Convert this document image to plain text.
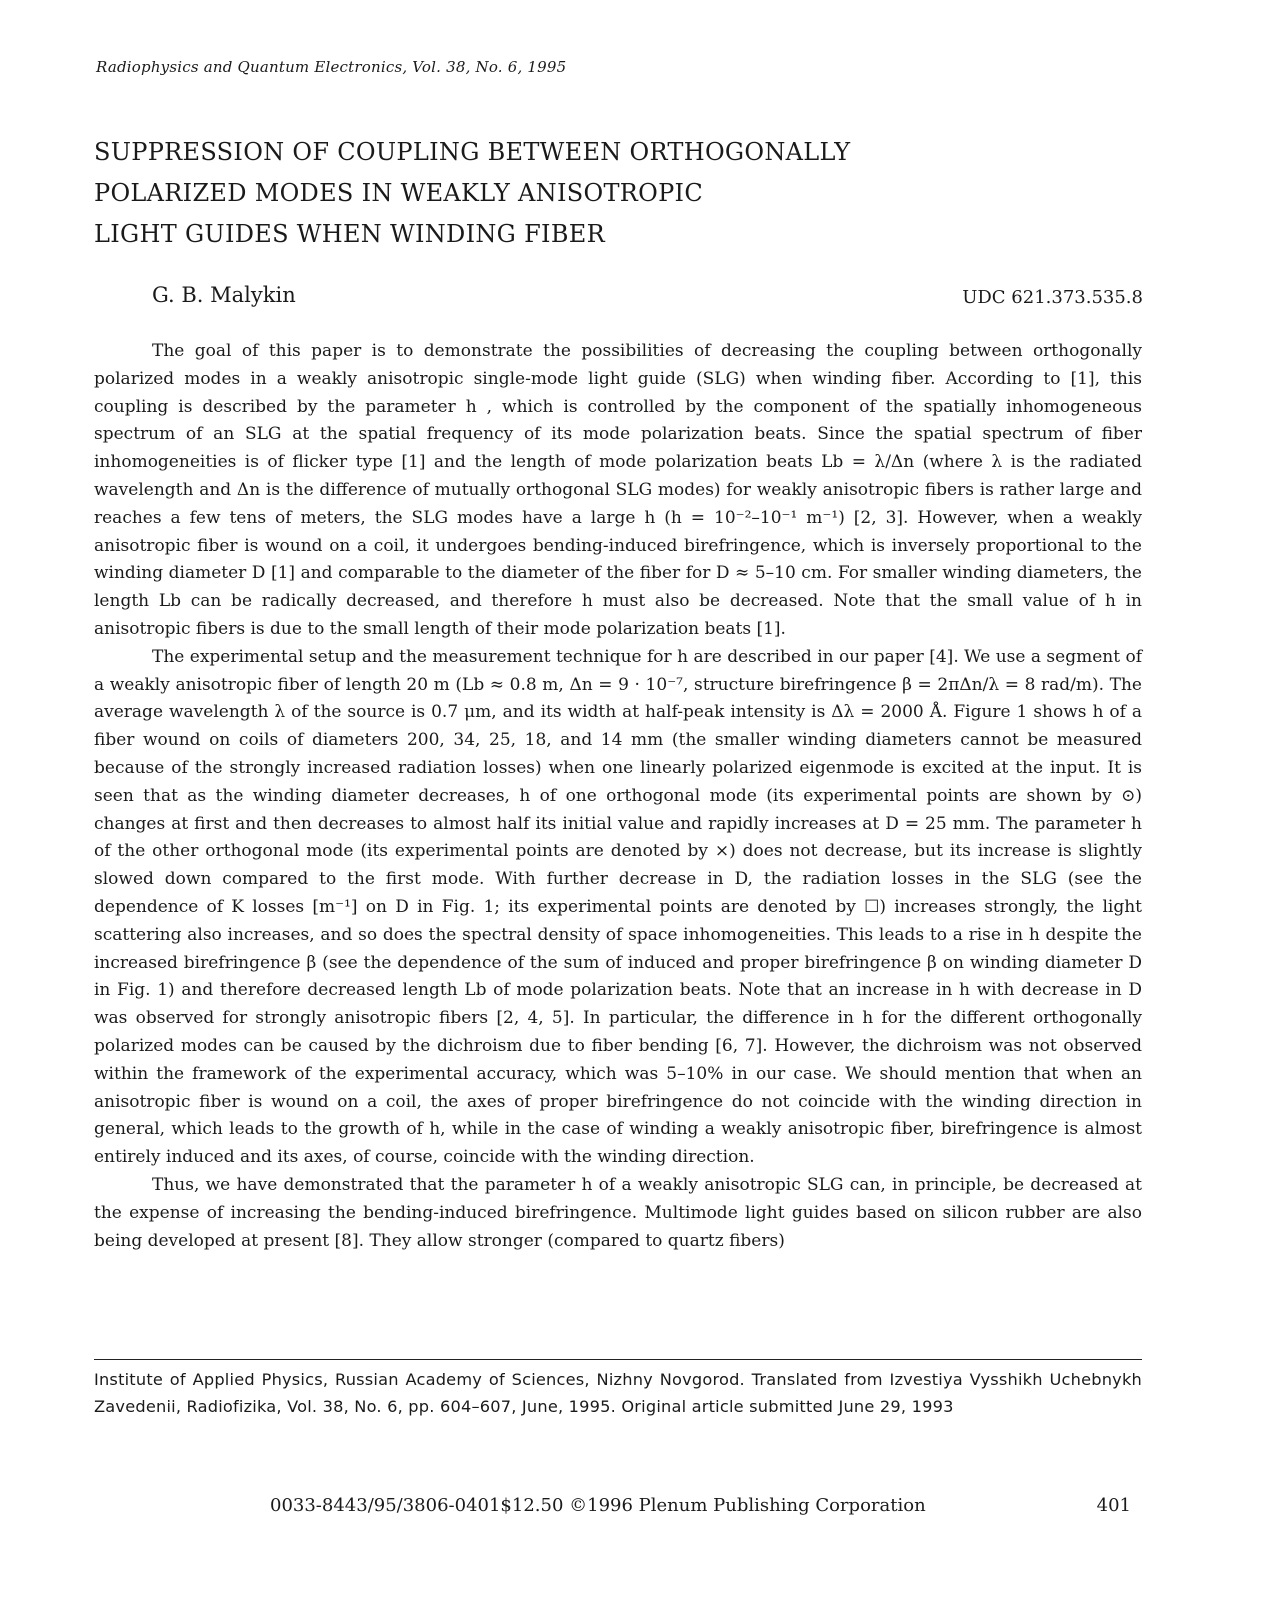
Radiophysics and Quantum Electronics, Vol. 38, No. 6, 1995
SUPPRESSION OF COUPLING BETWEEN ORTHOGONALLY
POLARIZED MODES IN WEAKLY ANISOTROPIC
LIGHT GUIDES WHEN WINDING FIBER
G. B. Malykin	UDC 621.373.535.8

The goal of this paper is to demonstrate the possibilities of decreasing the coupling between orthogonally polarized modes in a weakly anisotropic single-mode light guide (SLG) when winding fiber. According to [1], this coupling is described by the parameter h , which is controlled by the component of the spatially inhomogeneous spectrum of an SLG at the spatial frequency of its mode polarization beats. Since the spatial spectrum of fiber inhomogeneities is of flicker type [1] and the length of mode polarization beats Lb = λ/Δn (where λ is the radiated wavelength and Δn is the difference of mutually orthogonal SLG modes) for weakly anisotropic fibers is rather large and reaches a few tens of meters, the SLG modes have a large h (h = 10⁻²–10⁻¹ m⁻¹) [2, 3]. However, when a weakly anisotropic fiber is wound on a coil, it undergoes bending-induced birefringence, which is inversely proportional to the winding diameter D [1] and comparable to the diameter of the fiber for D ≈ 5–10 cm. For smaller winding diameters, the length Lb can be radically decreased, and therefore h must also be decreased. Note that the small value of h in anisotropic fibers is due to the small length of their mode polarization beats [1].

The experimental setup and the measurement technique for h are described in our paper [4]. We use a segment of a weakly anisotropic fiber of length 20 m (Lb ≈ 0.8 m, Δn = 9 · 10⁻⁷, structure birefringence β = 2πΔn/λ = 8 rad/m). The average wavelength λ of the source is 0.7 μm, and its width at half-peak intensity is Δλ = 2000 Å. Figure 1 shows h of a fiber wound on coils of diameters 200, 34, 25, 18, and 14 mm (the smaller winding diameters cannot be measured because of the strongly increased radiation losses) when one linearly polarized eigenmode is excited at the input. It is seen that as the winding diameter decreases, h of one orthogonal mode (its experimental points are shown by ⊙) changes at first and then decreases to almost half its initial value and rapidly increases at D = 25 mm. The parameter h of the other orthogonal mode (its experimental points are denoted by ×) does not decrease, but its increase is slightly slowed down compared to the first mode. With further decrease in D, the radiation losses in the SLG (see the dependence of K losses [m⁻¹] on D in Fig. 1; its experimental points are denoted by ☐) increases strongly, the light scattering also increases, and so does the spectral density of space inhomogeneities. This leads to a rise in h despite the increased birefringence β (see the dependence of the sum of induced and proper birefringence β on winding diameter D in Fig. 1) and therefore decreased length Lb of mode polarization beats. Note that an increase in h with decrease in D was observed for strongly anisotropic fibers [2, 4, 5]. In particular, the difference in h for the different orthogonally polarized modes can be caused by the dichroism due to fiber bending [6, 7]. However, the dichroism was not observed within the framework of the experimental accuracy, which was 5–10% in our case. We should mention that when an anisotropic fiber is wound on a coil, the axes of proper birefringence do not coincide with the winding direction in general, which leads to the growth of h, while in the case of winding a weakly anisotropic fiber, birefringence is almost entirely induced and its axes, of course, coincide with the winding direction.

Thus, we have demonstrated that the parameter h of a weakly anisotropic SLG can, in principle, be decreased at the expense of increasing the bending-induced birefringence. Multimode light guides based on silicon rubber are also being developed at present [8]. They allow stronger (compared to quartz fibers)

Institute of Applied Physics, Russian Academy of Sciences, Nizhny Novgorod. Translated from Izvestiya Vysshikh Uchebnykh Zavedenii, Radiofizika, Vol. 38, No. 6, pp. 604–607, June, 1995. Original article submitted June 29, 1993

0033-8443/95/3806-0401$12.50 ©1996 Plenum Publishing Corporation	401
